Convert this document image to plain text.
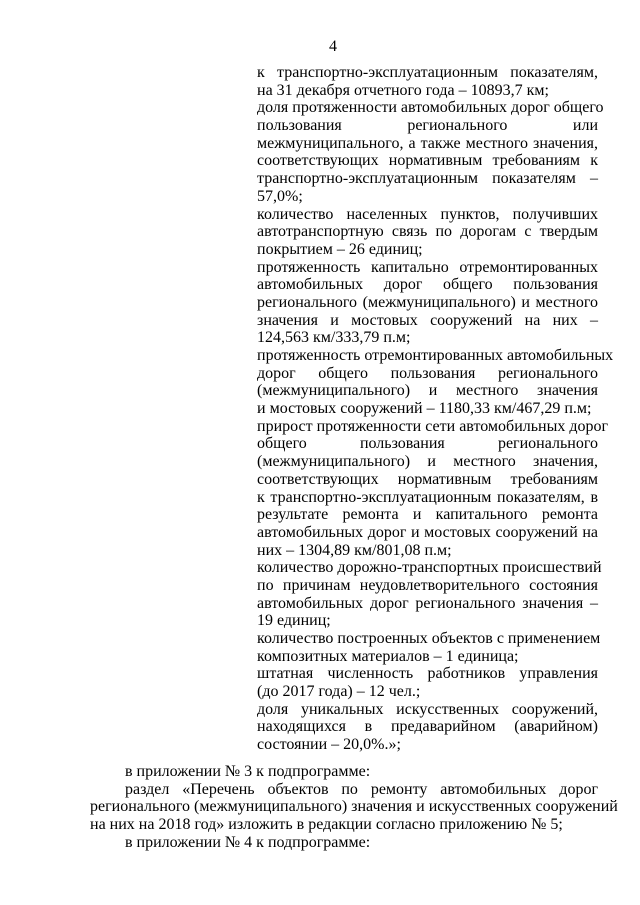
4
к транспортно-эксплуатационным показателям,
на 31 декабря отчетного года – 10893,7 км;
доля протяженности автомобильных дорог общего
пользования регионального или
межмуниципального, а также местного значения,
соответствующих нормативным требованиям к
транспортно-эксплуатационным показателям –
57,0%;
количество населенных пунктов, получивших
автотранспортную связь по дорогам с твердым
покрытием – 26 единиц;
протяженность капитально отремонтированных
автомобильных дорог общего пользования
регионального (межмуниципального) и местного
значения и мостовых сооружений на них –
124,563 км/333,79 п.м;
протяженность отремонтированных автомобильных
дорог общего пользования регионального
(межмуниципального) и местного значения
и мостовых сооружений – 1180,33 км/467,29 п.м;
прирост протяженности сети автомобильных дорог
общего пользования регионального
(межмуниципального) и местного значения,
соответствующих нормативным требованиям
к транспортно-эксплуатационным показателям, в
результате ремонта и капитального ремонта
автомобильных дорог и мостовых сооружений на
них – 1304,89 км/801,08 п.м;
количество дорожно-транспортных происшествий
по причинам неудовлетворительного состояния
автомобильных дорог регионального значения –
19 единиц;
количество построенных объектов с применением
композитных материалов – 1 единица;
штатная численность работников управления
(до 2017 года) – 12 чел.;
доля уникальных искусственных сооружений,
находящихся в предаварийном (аварийном)
состоянии – 20,0%.»;
в приложении № 3 к подпрограмме:
раздел «Перечень объектов по ремонту автомобильных дорог
регионального (межмуниципального) значения и искусственных сооружений
на них на 2018 год» изложить в редакции согласно приложению № 5;
в приложении № 4 к подпрограмме:
